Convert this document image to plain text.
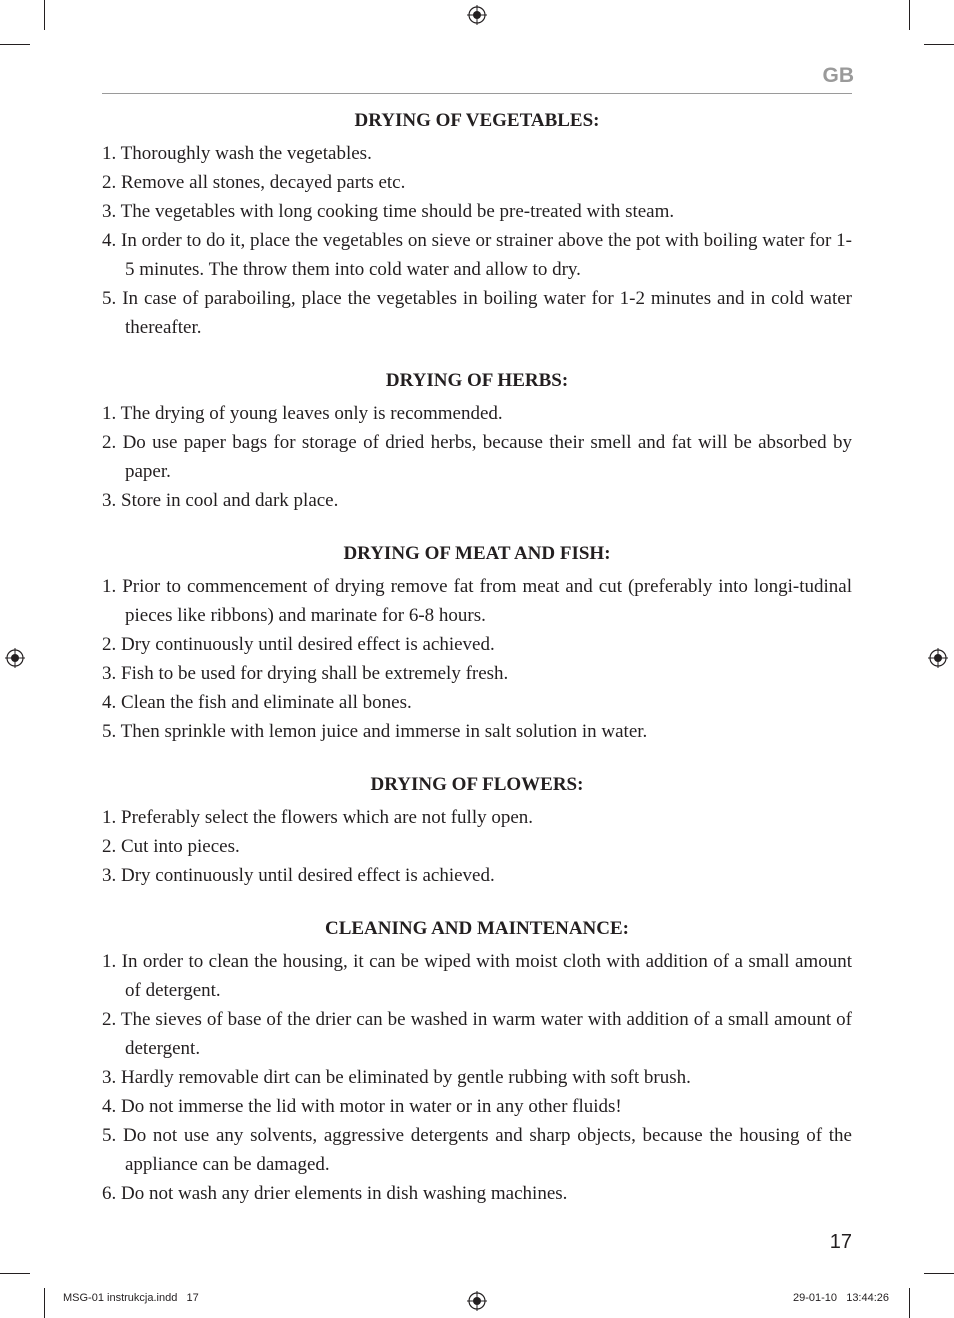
GB
DRYING OF VEGETABLES:
1. Thoroughly wash the vegetables.
2. Remove all stones, decayed parts etc.
3. The vegetables with long cooking time should be pre-treated with steam.
4. In order to do it, place the vegetables on sieve or strainer above the pot with boiling water for 1-5 minutes. The throw them into cold water and allow to dry.
5. In case of paraboiling, place the vegetables in boiling water for 1-2 minutes and in cold water thereafter.
DRYING OF HERBS:
1. The drying of young leaves only is recommended.
2. Do use paper bags for storage of dried herbs, because their smell and fat will be absorbed by paper.
3. Store in cool and dark place.
DRYING OF MEAT AND FISH:
1. Prior to commencement of drying remove fat from meat and cut (preferably into longi-tudinal pieces like ribbons) and marinate for 6-8 hours.
2. Dry continuously until desired effect is achieved.
3. Fish to be used for drying shall be extremely fresh.
4. Clean the fish and eliminate all bones.
5. Then sprinkle with lemon juice and immerse in salt solution in water.
DRYING OF FLOWERS:
1. Preferably select the flowers which are not fully open.
2. Cut into pieces.
3. Dry continuously until desired effect is achieved.
CLEANING AND MAINTENANCE:
1. In order to clean the housing, it can be wiped with moist cloth with addition of a small amount of detergent.
2. The sieves of base of the drier can be washed in warm water with addition of a small amount of detergent.
3. Hardly removable dirt can be eliminated by gentle rubbing with soft brush.
4. Do not immerse the lid with motor in water or in any other fluids!
5. Do not use any solvents, aggressive detergents and sharp objects, because the housing of the appliance can be damaged.
6. Do not wash any drier elements in dish washing machines.
17
MSG-01 instrukcja.indd   17	29-01-10   13:44:26
